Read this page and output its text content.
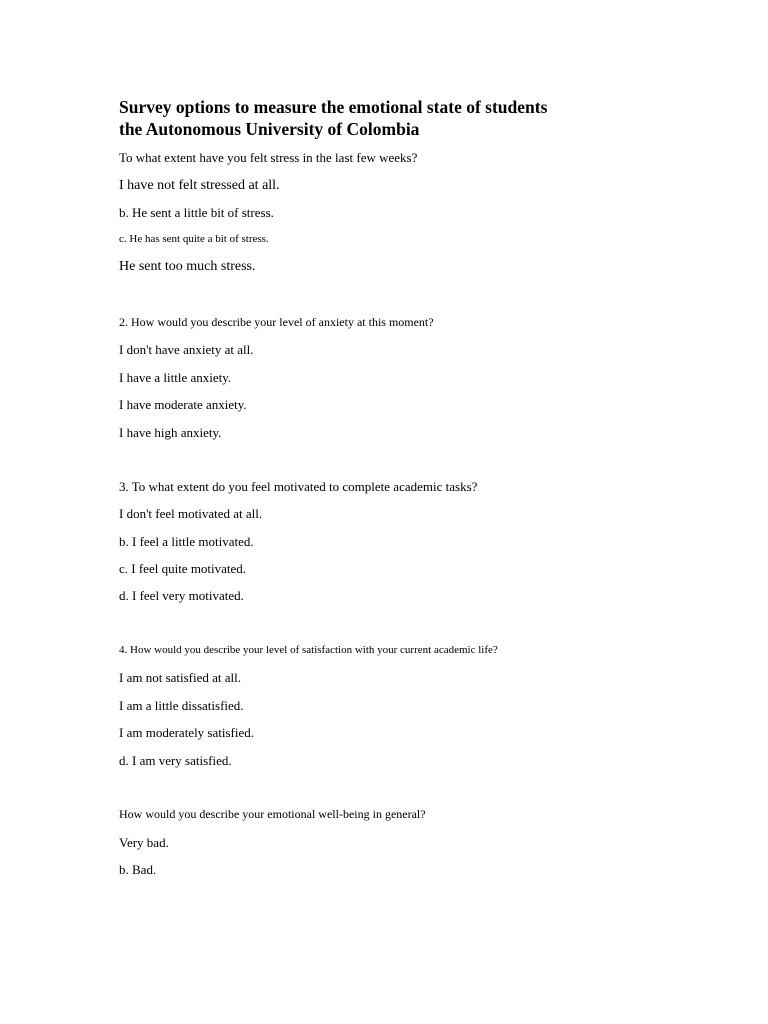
Survey options to measure the emotional state of students
the Autonomous University of Colombia

To what extent have you felt stress in the last few weeks?

I have not felt stressed at all.

b. He sent a little bit of stress.

c. He has sent quite a bit of stress.

He sent too much stress.

2. How would you describe your level of anxiety at this moment?

I don't have anxiety at all.

I have a little anxiety.

I have moderate anxiety.

I have high anxiety.

3. To what extent do you feel motivated to complete academic tasks?

I don't feel motivated at all.

b. I feel a little motivated.

c. I feel quite motivated.

d. I feel very motivated.

4. How would you describe your level of satisfaction with your current academic life?

I am not satisfied at all.

I am a little dissatisfied.

I am moderately satisfied.

d. I am very satisfied.

How would you describe your emotional well-being in general?

Very bad.

b. Bad.
